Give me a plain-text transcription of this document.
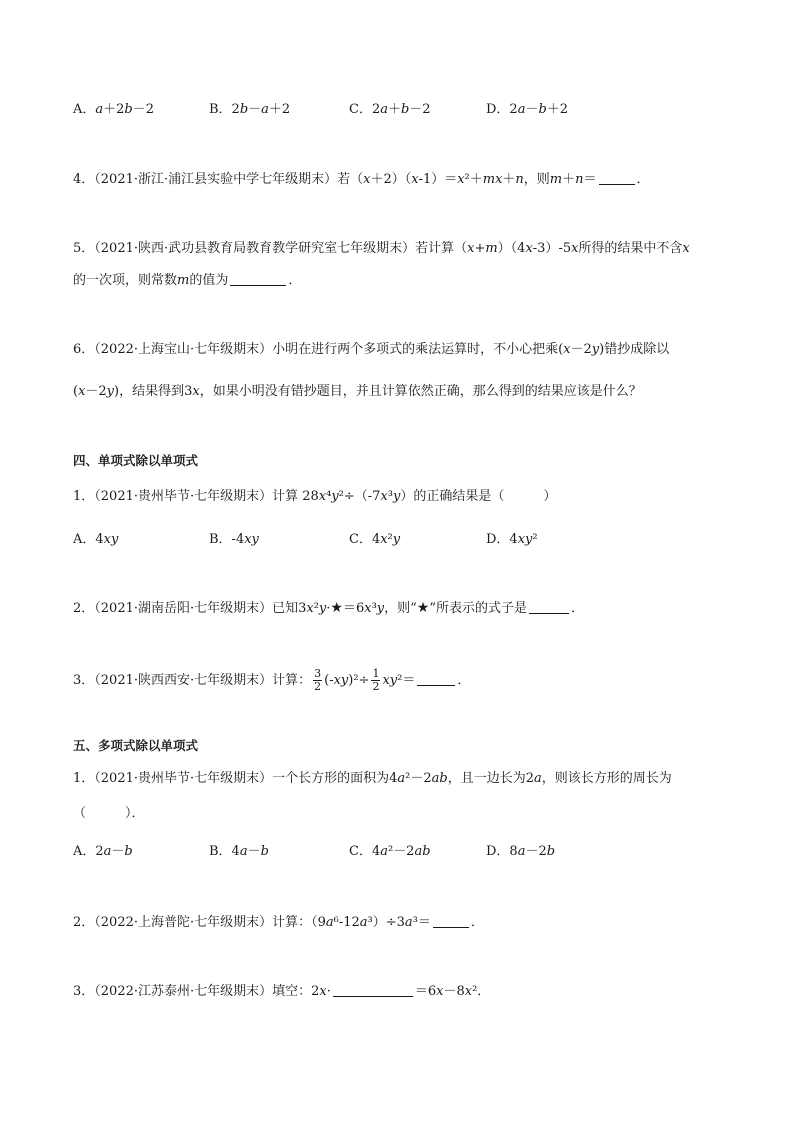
A．𝑎＋2𝑏－2	B．2𝑏－𝑎＋2	C．2𝑎＋𝑏－2	D．2𝑎－𝑏＋2
4．（2021·浙江·浦江县实验中学七年级期末）若（𝑥＋2）（𝑥-1）＝𝑥²＋𝑚𝑥＋𝑛，则𝑚＋𝑛＝	．
5．（2021·陕西·武功县教育局教育教学研究室七年级期末）若计算（𝑥+𝑚）（4𝑥-3）-5𝑥所得的结果中不含𝑥
的一次项，则常数𝑚的值为	．
6．（2022·上海宝山·七年级期末）小明在进行两个多项式的乘法运算时，不小心把乘(𝑥－2𝑦)错抄成除以
(𝑥－2𝑦)，结果得到3𝑥，如果小明没有错抄题目，并且计算依然正确，那么得到的结果应该是什么？
四、单项式除以单项式
1．（2021·贵州毕节·七年级期末）计算 28𝑥⁴𝑦²÷（-7𝑥³𝑦）的正确结果是（　　　）
A．4𝑥𝑦	B．-4𝑥𝑦	C．4𝑥²𝑦	D．4𝑥𝑦²
2．（2021·湖南岳阳·七年级期末）已知3𝑥²𝑦·★＝6𝑥³𝑦，则“★”所表示的式子是	．
3．（2021·陕西西安·七年级期末）计算： $\frac{3}{2}$ (-𝑥𝑦)²÷ $\frac{1}{2}$ 𝑥𝑦²＝	．
五、多项式除以单项式
1．（2021·贵州毕节·七年级期末）一个长方形的面积为4𝑎²－2𝑎𝑏，且一边长为2𝑎，则该长方形的周长为
（　　　）．
A．2𝑎－𝑏	B．4𝑎－𝑏	C．4𝑎²－2𝑎𝑏	D．8𝑎－2𝑏
2．（2022·上海普陀·七年级期末）计算：（9𝑎⁶-12𝑎³）÷3𝑎³＝	．
3．（2022·江苏泰州·七年级期末）填空：2𝑥·	＝6𝑥－8𝑥²．
